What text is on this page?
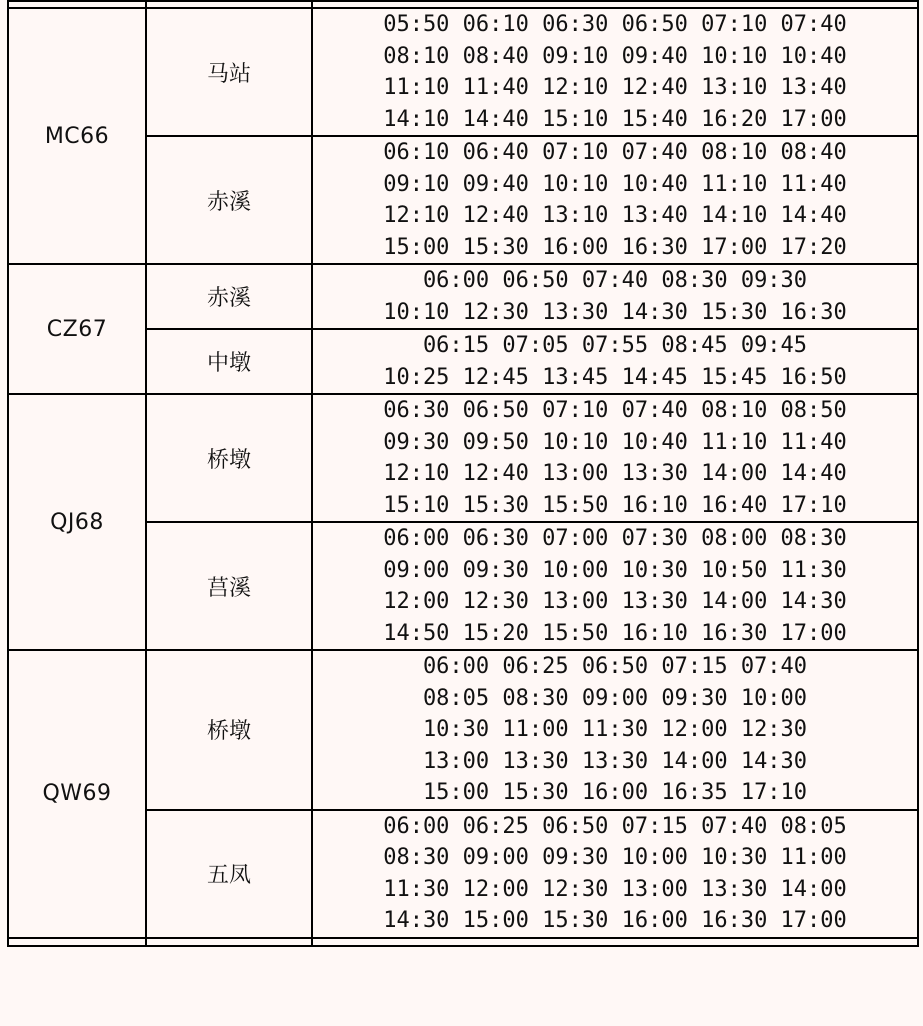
MC66	马站	05:50 06:10 06:30 06:50 07:10 07:40
08:10 08:40 09:10 09:40 10:10 10:40
11:10 11:40 12:10 12:40 13:10 13:40
14:10 14:40 15:10 15:40 16:20 17:00

	赤溪	06:10 06:40 07:10 07:40 08:10 08:40
09:10 09:40 10:10 10:40 11:10 11:40
12:10 12:40 13:10 13:40 14:10 14:40
15:00 15:30 16:00 16:30 17:00 17:20

CZ67	赤溪	06:00 06:50 07:40 08:30 09:30
10:10 12:30 13:30 14:30 15:30 16:30

	中墩	06:15 07:05 07:55 08:45 09:45
10:25 12:45 13:45 14:45 15:45 16:50

QJ68	桥墩	06:30 06:50 07:10 07:40 08:10 08:50
09:30 09:50 10:10 10:40 11:10 11:40
12:10 12:40 13:00 13:30 14:00 14:40
15:10 15:30 15:50 16:10 16:40 17:10

	莒溪	06:00 06:30 07:00 07:30 08:00 08:30
09:00 09:30 10:00 10:30 10:50 11:30
12:00 12:30 13:00 13:30 14:00 14:30
14:50 15:20 15:50 16:10 16:30 17:00

QW69	桥墩	06:00 06:25 06:50 07:15 07:40
08:05 08:30 09:00 09:30 10:00
10:30 11:00 11:30 12:00 12:30
13:00 13:30 13:30 14:00 14:30
15:00 15:30 16:00 16:35 17:10

	五凤	06:00 06:25 06:50 07:15 07:40 08:05
08:30 09:00 09:30 10:00 10:30 11:00
11:30 12:00 12:30 13:00 13:30 14:00
14:30 15:00 15:30 16:00 16:30 17:00
